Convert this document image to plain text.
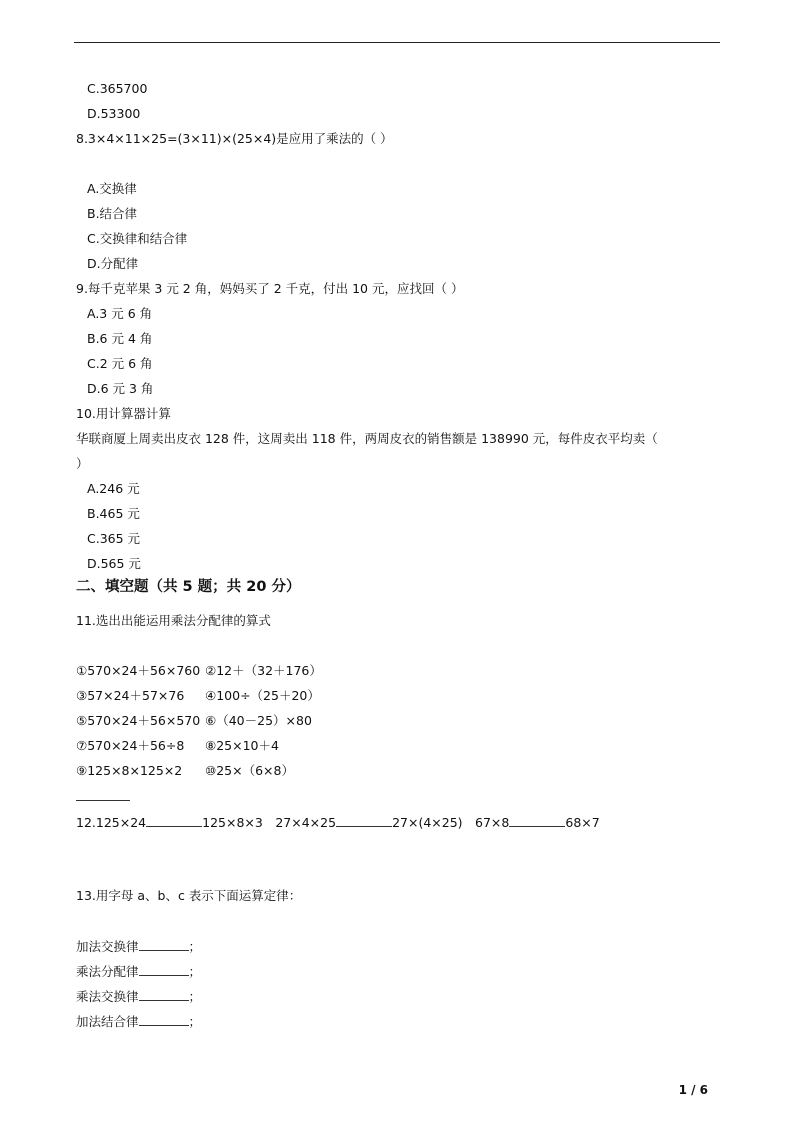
C.365700
D.53300
8.3×4×11×25=(3×11)×(25×4)是应用了乘法的（ ）
A.交换律
B.结合律
C.交换律和结合律
D.分配律
9.每千克苹果 3 元 2 角，妈妈买了 2 千克，付出 10 元，应找回（ ）
A.3 元 6 角
B.6 元 4 角
C.2 元 6 角
D.6 元 3 角
10.用计算器计算
华联商厦上周卖出皮衣 128 件，这周卖出 118 件，两周皮衣的销售额是 138990 元，每件皮衣平均卖（
）
A.246 元
B.465 元
C.365 元
D.565 元
二、填空题（共 5 题；共 20 分）
11.选出出能运用乘法分配律的算式
①570×24＋56×760 ②12＋（32＋176）
③57×24＋57×76 ④100÷（25＋20）
⑤570×24＋56×570 ⑥（40－25）×80
⑦570×24＋56÷8 ⑧25×10＋4
⑨125×8×125×2 ⑩25×（6×8）
12.125×24	125×8×3　27×4×25	27×(4×25)　67×8	68×7
13.用字母 a、b、c 表示下面运算定律：
加法交换律	；
乘法分配律	；
乘法交换律	；
加法结合律	；
1 / 6
